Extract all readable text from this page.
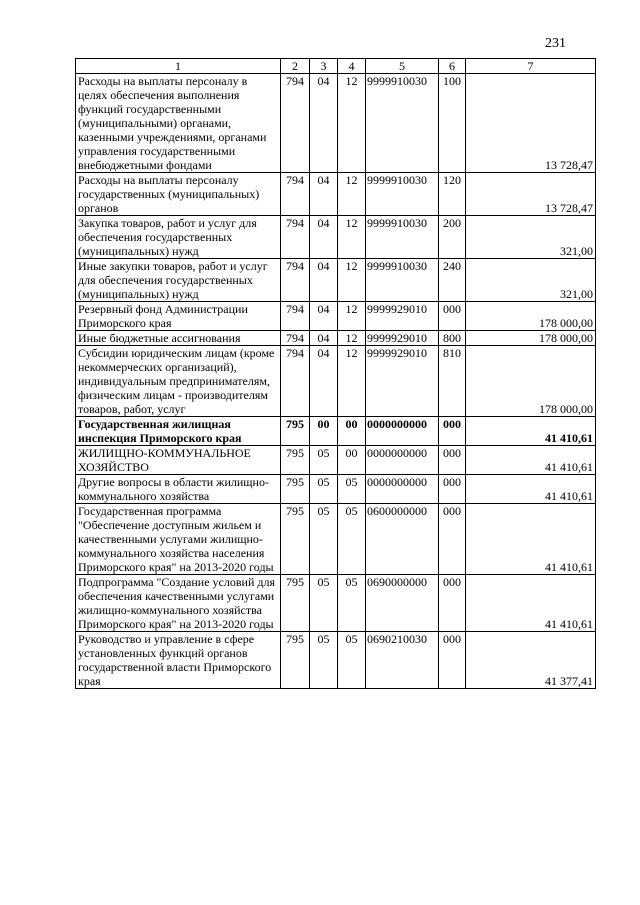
231
1	2	3	4	5	6	7
Расходы на выплаты персоналу в целях обеспечения выполнения функций государственными (муниципальными) органами, казенными учреждениями, органами управления государственными внебюджетными фондами	794	04	12	9999910030	100	13 728,47
Расходы на выплаты персоналу государственных (муниципальных) органов	794	04	12	9999910030	120	13 728,47
Закупка товаров, работ и услуг для обеспечения государственных (муниципальных) нужд	794	04	12	9999910030	200	321,00
Иные закупки товаров, работ и услуг для обеспечения государственных (муниципальных) нужд	794	04	12	9999910030	240	321,00
Резервный фонд Администрации Приморского края	794	04	12	9999929010	000	178 000,00
Иные бюджетные ассигнования	794	04	12	9999929010	800	178 000,00
Субсидии юридическим лицам (кроме некоммерческих организаций), индивидуальным предпринимателям, физическим лицам - производителям товаров, работ, услуг	794	04	12	9999929010	810	178 000,00
Государственная жилищная инспекция Приморского края	795	00	00	0000000000	000	41 410,61
ЖИЛИЩНО-КОММУНАЛЬНОЕ ХОЗЯЙСТВО	795	05	00	0000000000	000	41 410,61
Другие вопросы в области жилищно-коммунального хозяйства	795	05	05	0000000000	000	41 410,61
Государственная программа "Обеспечение доступным жильем и качественными услугами жилищно-коммунального хозяйства населения Приморского края" на 2013-2020 годы	795	05	05	0600000000	000	41 410,61
Подпрограмма "Создание условий для обеспечения качественными услугами жилищно-коммунального хозяйства Приморского края" на 2013-2020 годы	795	05	05	0690000000	000	41 410,61
Руководство и управление в сфере установленных функций органов государственной власти Приморского края	795	05	05	0690210030	000	41 377,41
